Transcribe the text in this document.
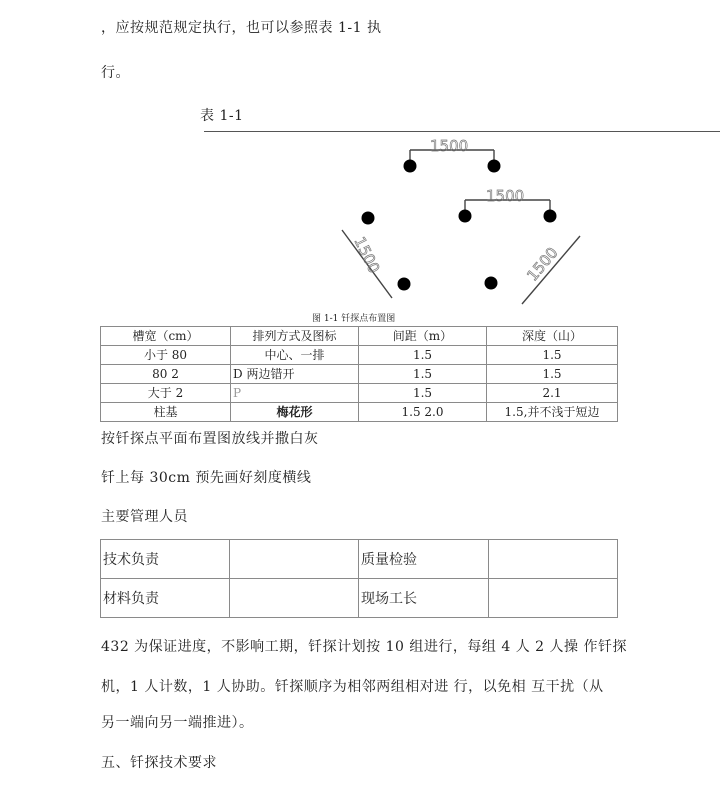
，应按规范规定执行，也可以参照表 1-1 执
行。
表 1-1
1500
1500
1500	1500
图 1-1 钎探点布置图
槽宽（cm）	排列方式及图标	间距（m）	深度（山）
小于 80	中心、一排	1.5	1.5
80 2	D 两边错开	1.5	1.5
大于 2	P	1.5	2.1
柱基	梅花形	1.5 2.0	1.5,并不浅于短边
按钎探点平面布置图放线并撒白灰
钎上每 30cm 预先画好刻度横线
主要管理人员
技术负责		质量检验	
材料负责		现场工长	
432 为保证进度，不影响工期，钎探计划按 10 组进行，每组 4 人 2 人操 作钎探
机，1 人计数，1 人协助。钎探顺序为相邻两组相对进 行，以免相 互干扰（从
另一端向另一端推进）。
五、钎探技术要求
